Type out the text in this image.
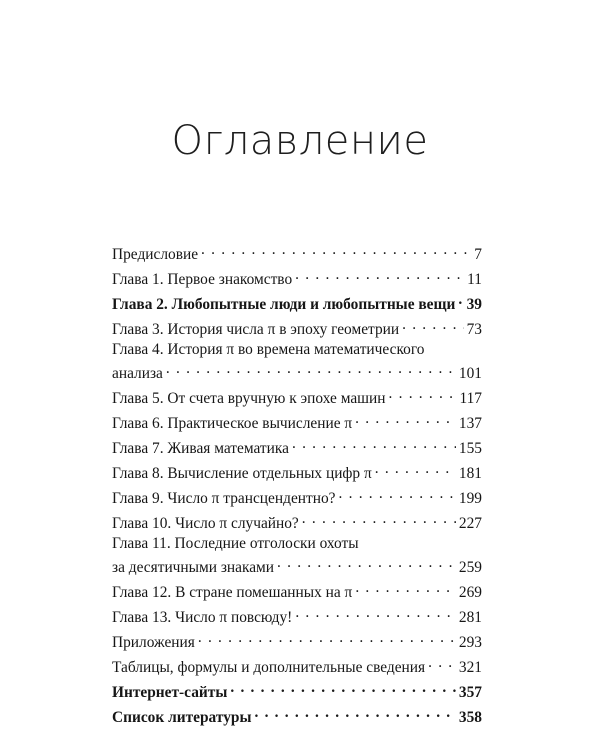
Оглавление
Предисловие . . .	7
Глава 1. Первое знакомство . . .	11
Глава 2. Любопытные люди и любопытные вещи . . . 39
Глава 3. История числа π в эпоху геометрии . . .	73
Глава 4. История π во времена математического
анализа . . .	101
Глава 5. От счета вручную к эпохе машин . . .	117
Глава 6. Практическое вычисление π . . .	137
Глава 7. Живая математика . . .	155
Глава 8. Вычисление отдельных цифр π . . .	181
Глава 9. Число π трансцендентно? . . .	199
Глава 10. Число π случайно? . . .	227
Глава 11. Последние отголоски охоты
за десятичными знаками . . .	259
Глава 12. В стране помешанных на π . . .	269
Глава 13. Число π повсюду! . . .	281
Приложения . . .	293
Таблицы, формулы и дополнительные сведения . . . 321
Интернет-сайты . . .	357
Список литературы . . .	358
